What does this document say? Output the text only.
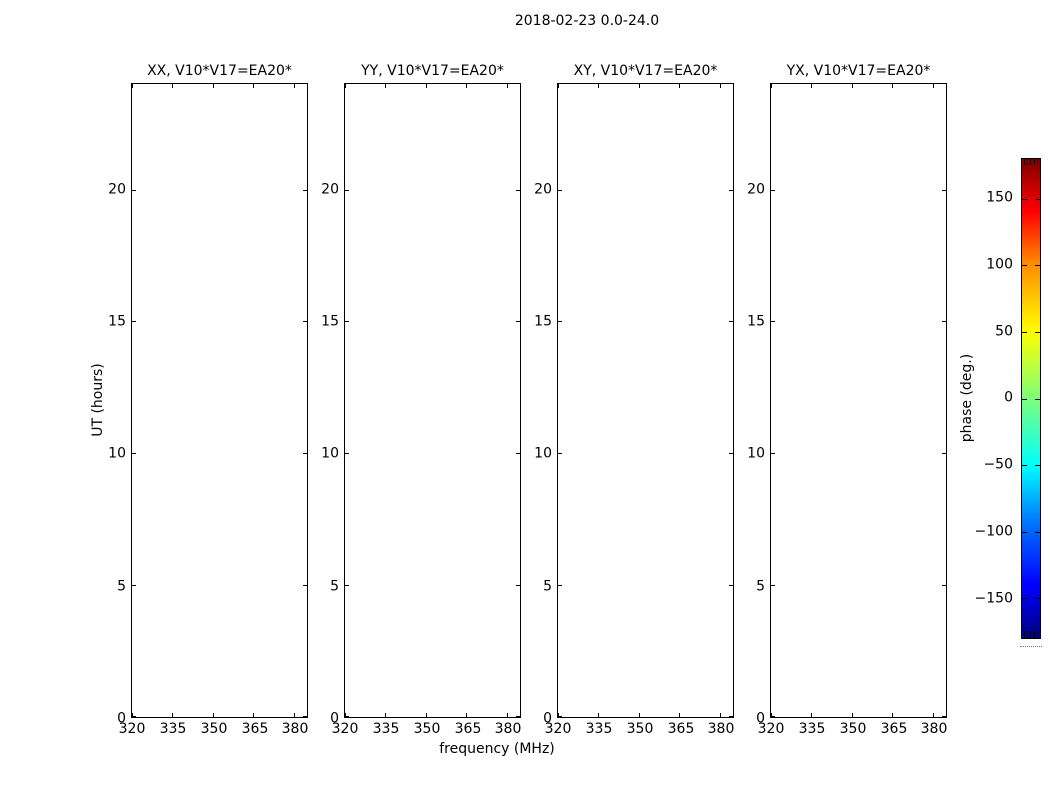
2018-02-23 0.0-24.0
XX, V10*V17=EA20*
0
5
10
15
20
320 335 350 365 380
YY, V10*V17=EA20*
0
5
10
15
20
320 335 350 365 380
XY, V10*V17=EA20*
0
5
10
15
20
320 335 350 365 380
YX, V10*V17=EA20*
0
5
10
15
20
320 335 350 365 380
UT (hours)
frequency (MHz)
150
100
50
0
−50
−100
−150
phase (deg.)
